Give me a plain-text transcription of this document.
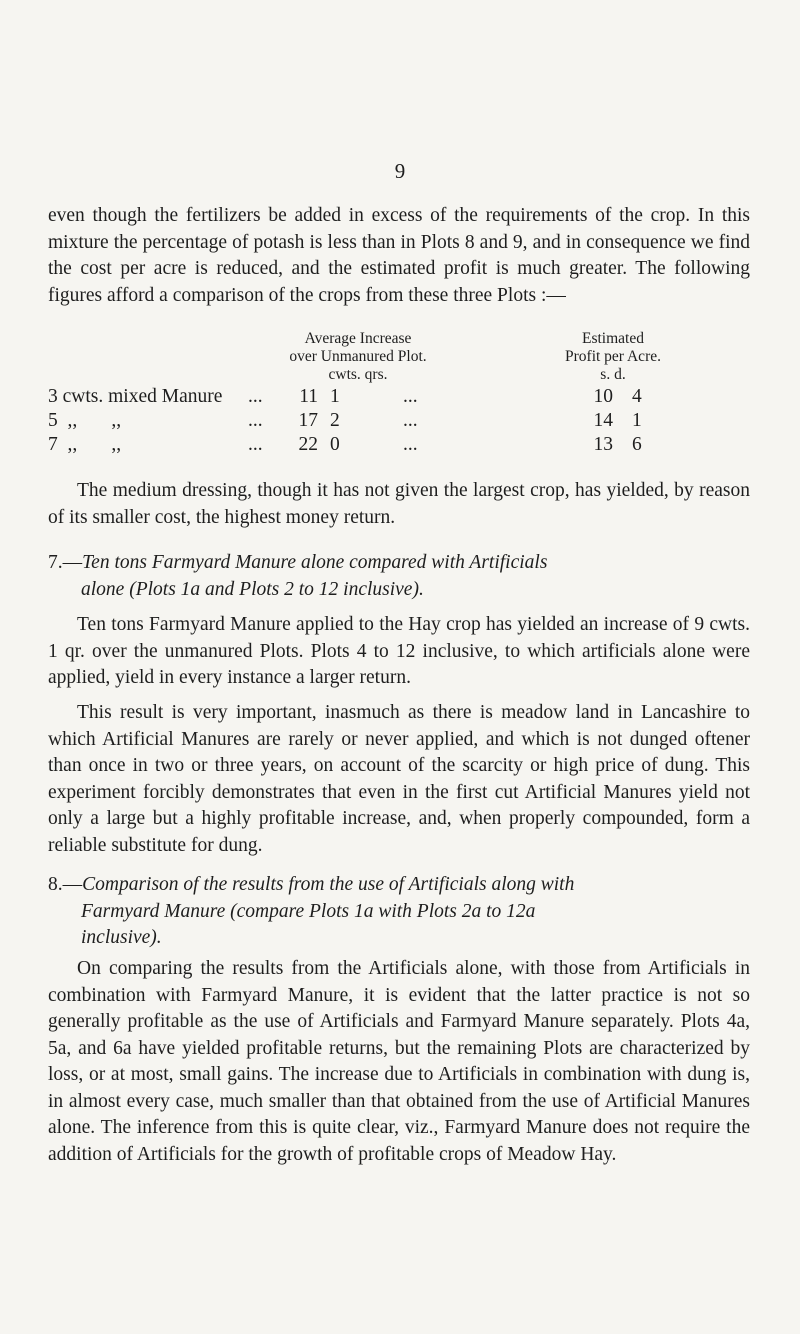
9

even though the fertilizers be added in excess of the requirements of the crop. In this mixture the percentage of potash is less than in Plots 8 and 9, and in consequence we find the cost per acre is reduced, and the estimated profit is much greater. The following figures afford a comparison of the crops from these three Plots :—

Average Increase
over Unmanured Plot.
cwts. qrs.
Estimated
Profit per Acre.
s. d.
3 cwts. mixed Manure ...	11 1	...	10 4
5  ,,       ,,	...	17 2	...	14 1
7  ,,       ,,	...	22 0	...	13 6

The medium dressing, though it has not given the largest crop, has yielded, by reason of its smaller cost, the highest money return.

7.—Ten tons Farmyard Manure alone compared with Artificials
alone (Plots 1a and Plots 2 to 12 inclusive).

Ten tons Farmyard Manure applied to the Hay crop has yielded an increase of 9 cwts. 1 qr. over the unmanured Plots. Plots 4 to 12 inclusive, to which artificials alone were applied, yield in every instance a larger return.

This result is very important, inasmuch as there is meadow land in Lancashire to which Artificial Manures are rarely or never applied, and which is not dunged oftener than once in two or three years, on account of the scarcity or high price of dung. This experiment forcibly demonstrates that even in the first cut Artificial Manures yield not only a large but a highly profitable increase, and, when properly compounded, form a reliable substitute for dung.

8.—Comparison of the results from the use of Artificials along with
Farmyard Manure (compare Plots 1a with Plots 2a to 12a
inclusive).

On comparing the results from the Artificials alone, with those from Artificials in combination with Farmyard Manure, it is evident that the latter practice is not so generally profitable as the use of Artificials and Farmyard Manure separately. Plots 4a, 5a, and 6a have yielded profitable returns, but the remaining Plots are characterized by loss, or at most, small gains. The increase due to Artificials in combination with dung is, in almost every case, much smaller than that obtained from the use of Artificial Manures alone. The inference from this is quite clear, viz., Farmyard Manure does not require the addition of Artificials for the growth of profitable crops of Meadow Hay.
